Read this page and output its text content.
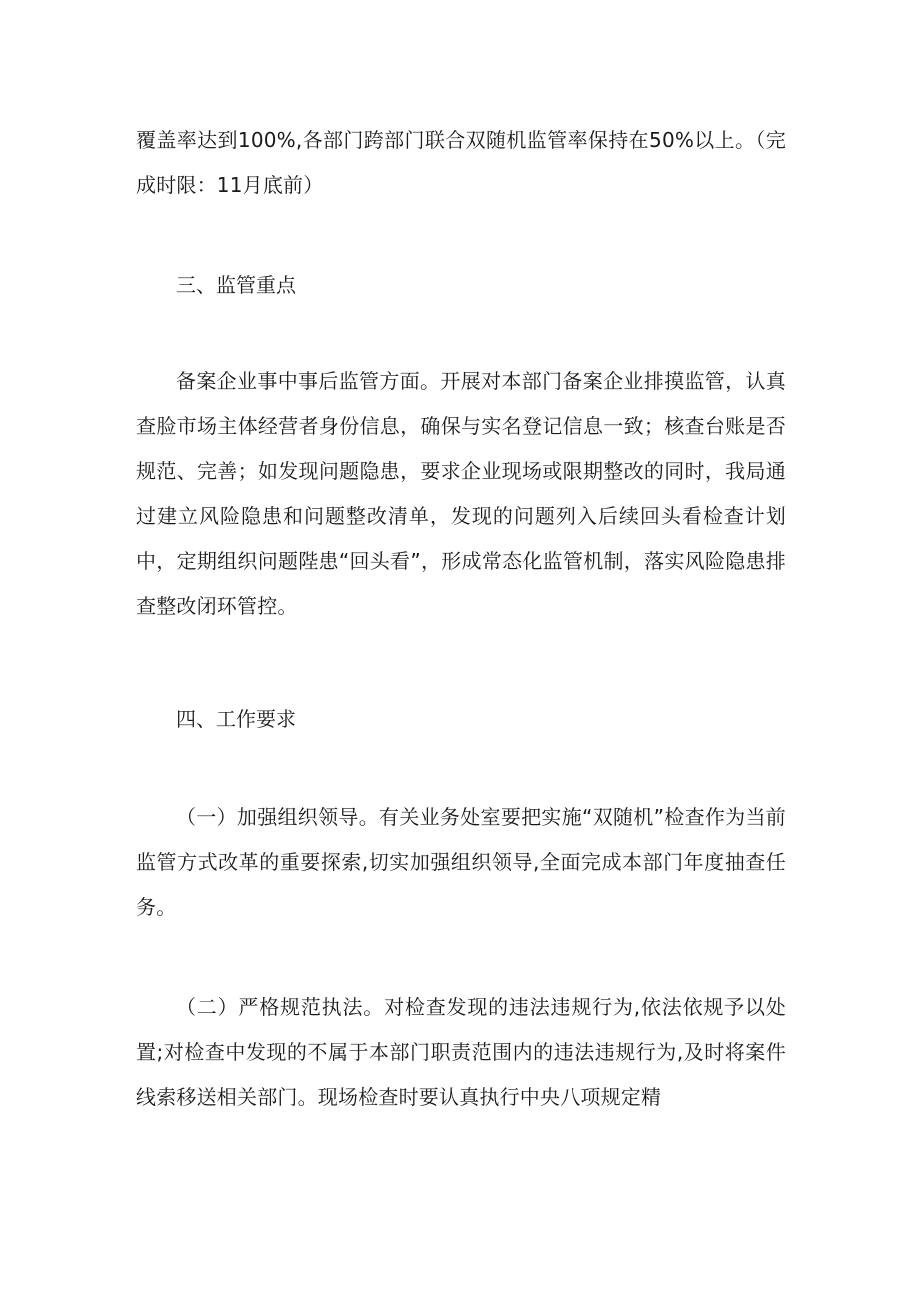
覆盖率达到100%,各部门跨部门联合双随机监管率保持在50%以上。（完成时限：11月底前）

三、监管重点

备案企业事中事后监管方面。开展对本部门备案企业排摸监管，认真查脸市场主体经营者身份信息，确保与实名登记信息一致；核查台账是否规范、完善；如发现问题隐患，要求企业现场或限期整改的同时，我局通过建立风险隐患和问题整改清单，发现的问题列入后续回头看检查计划中，定期组织问题陛患“回头看”，形成常态化监管机制，落实风险隐患排查整改闭环管控。

四、工作要求

（一）加强组织领导。有关业务处室要把实施“双随机”检查作为当前监管方式改革的重要探索,切实加强组织领导,全面完成本部门年度抽查任务。

（二）严格规范执法。对检查发现的违法违规行为,依法依规予以处置;对检查中发现的不属于本部门职责范围内的违法违规行为,及时将案件线索移送相关部门。现场检查时要认真执行中央八项规定精
